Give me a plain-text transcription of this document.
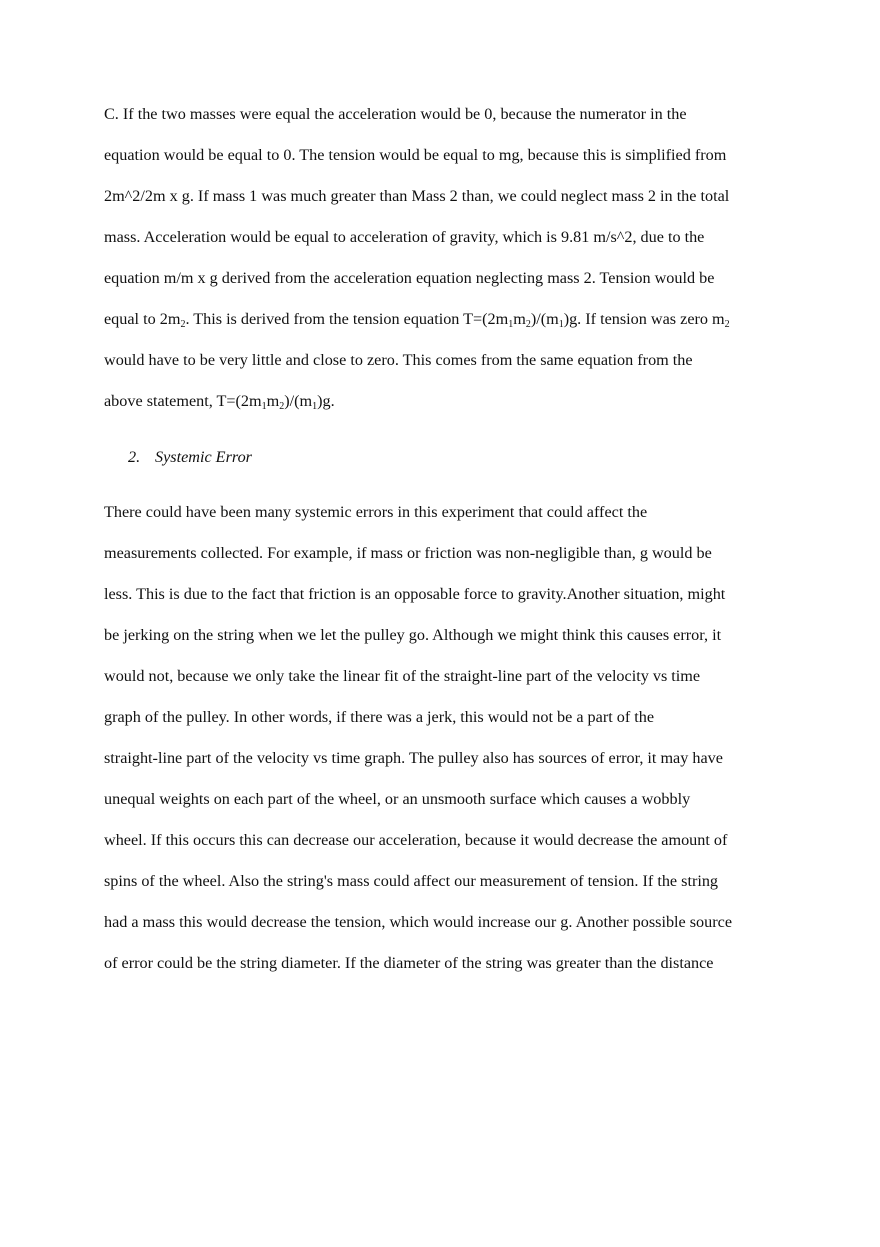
C. If the two masses were equal the acceleration would be 0, because the numerator in the
equation would be equal to 0. The tension would be equal to mg, because this is simplified from
2m^2/2m x g. If mass 1 was much greater than Mass 2 than, we could neglect mass 2 in the total
mass. Acceleration would be equal to acceleration of gravity, which is 9.81 m/s^2, due to the
equation m/m x g derived from the acceleration equation neglecting mass 2. Tension would be
equal to $2m_2$. This is derived from the tension equation $T=(2m_1m_2)/(m_1)g$. If tension was zero $m_2$
would have to be very little and close to zero. This comes from the same equation from the
above statement, $T=(2m_1m_2)/(m_1)g$.

2. Systemic Error

There could have been many systemic errors in this experiment that could affect the
measurements collected. For example, if mass or friction was non-negligible than, g would be
less. This is due to the fact that friction is an opposable force to gravity.Another situation, might
be jerking on the string when we let the pulley go. Although we might think this causes error, it
would not, because we only take the linear fit of the straight-line part of the velocity vs time
graph of the pulley. In other words, if there was a jerk, this would not be a part of the
straight-line part of the velocity vs time graph. The pulley also has sources of error, it may have
unequal weights on each part of the wheel, or an unsmooth surface which causes a wobbly
wheel. If this occurs this can decrease our acceleration, because it would decrease the amount of
spins of the wheel. Also the string's mass could affect our measurement of tension. If the string
had a mass this would decrease the tension, which would increase our g. Another possible source
of error could be the string diameter. If the diameter of the string was greater than the distance
